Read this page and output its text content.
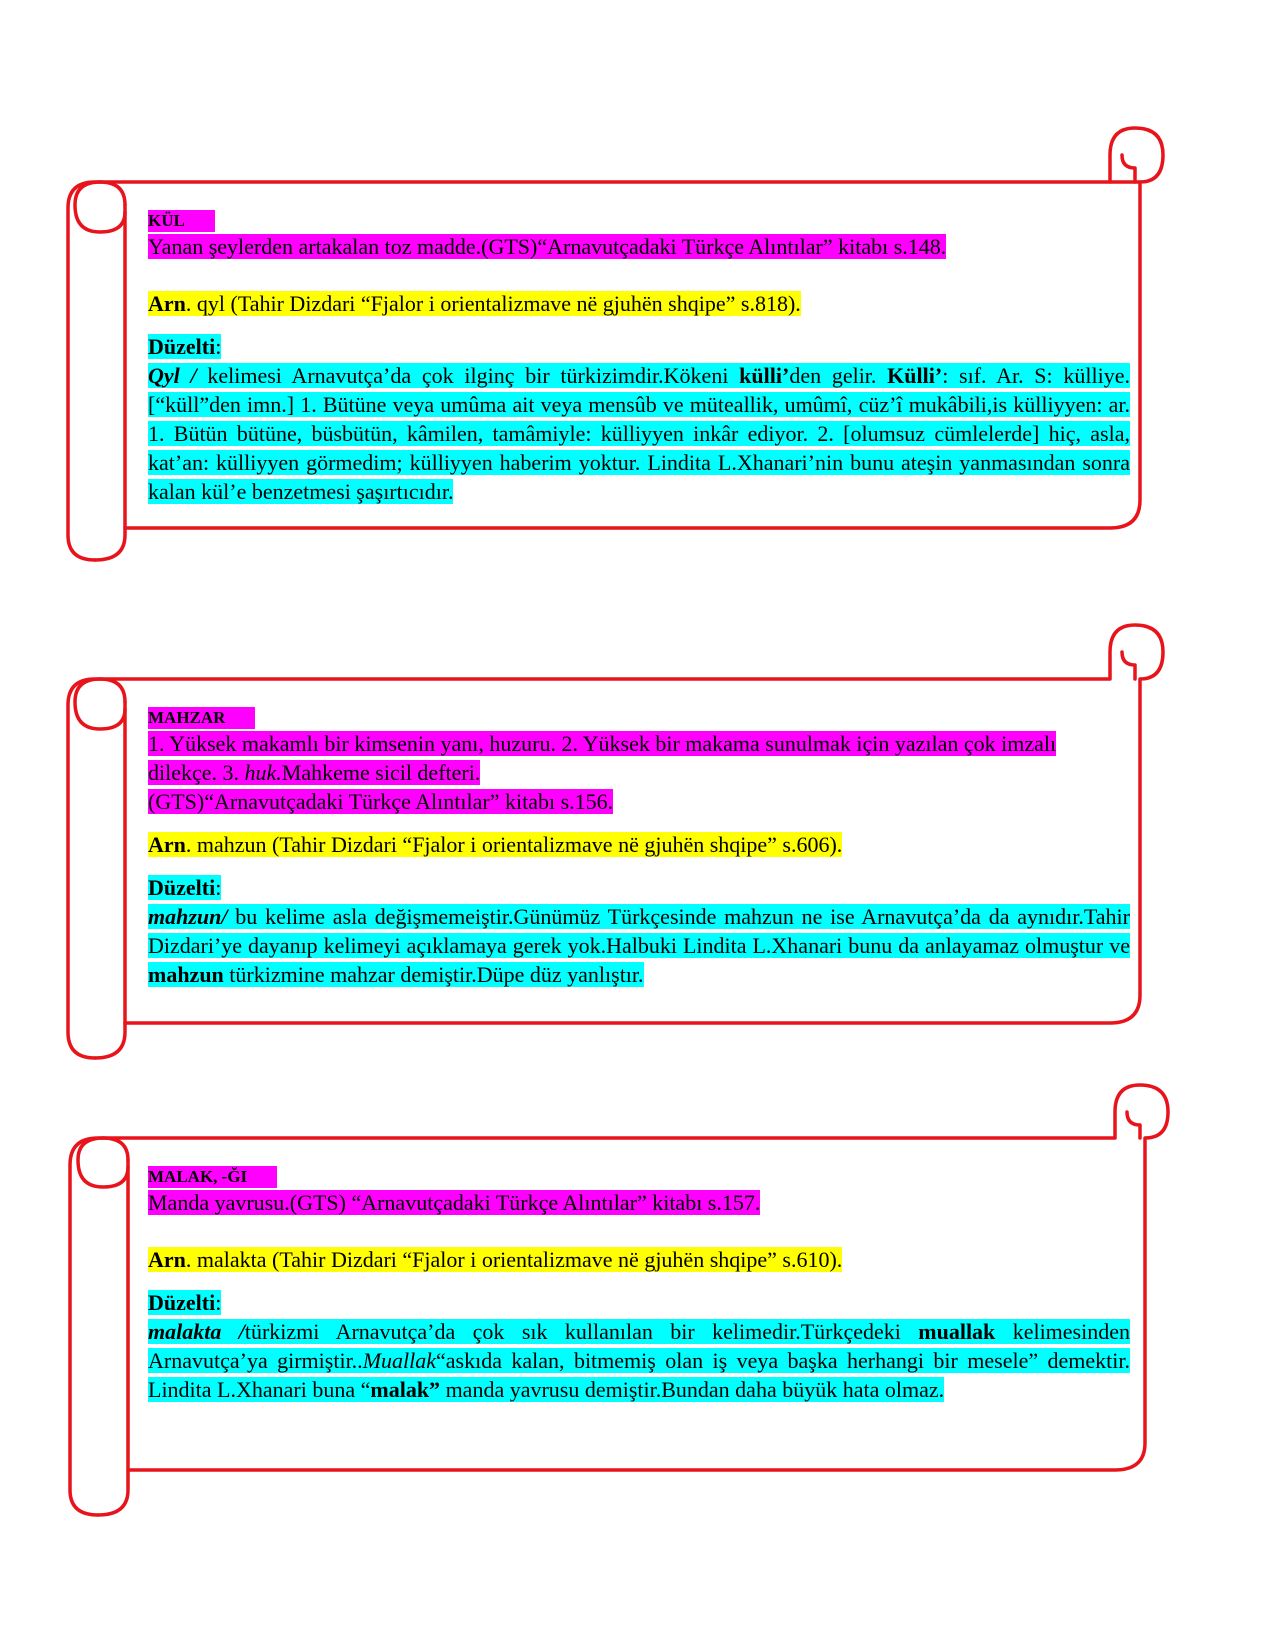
KÜL

Yanan şeylerden artakalan toz madde.(GTS)“Arnavutçadaki Türkçe Alıntılar” kitabı s.148.

Arn. qyl (Tahir Dizdari “Fjalor i orientalizmave në gjuhën shqipe” s.818).

Düzelti:

Qyl / kelimesi Arnavutça’da çok ilginç bir türkizimdir.Kökeni külli’den gelir. Külli’: sıf. Ar. S: külliye. [“küll”den imn.] 1. Bütüne veya umûma ait veya mensûb ve müteallik, umûmî, cüz’î mukâbili,is külliyyen: ar. 1. Bütün bütüne, büsbütün, kâmilen, tamâmiyle: külliyyen inkâr ediyor. 2. [olumsuz cümlelerde] hiç, asla, kat’an: külliyyen görmedim; külliyyen haberim yoktur. Lindita L.Xhanari’nin bunu ateşin yanmasından sonra kalan kül’e benzetmesi şaşırtıcıdır.

MAHZAR

1. Yüksek makamlı bir kimsenin yanı, huzuru. 2. Yüksek bir makama sunulmak için yazılan çok imzalı dilekçe. 3. huk.Mahkeme sicil defteri.
(GTS)“Arnavutçadaki Türkçe Alıntılar” kitabı s.156.

Arn. mahzun (Tahir Dizdari “Fjalor i orientalizmave në gjuhën shqipe” s.606).

Düzelti:

mahzun/ bu kelime asla değişmemeiştir.Günümüz Türkçesinde mahzun ne ise Arnavutça’da da aynıdır.Tahir Dizdari’ye dayanıp kelimeyi açıklamaya gerek yok.Halbuki Lindita L.Xhanari bunu da anlayamaz olmuştur ve mahzun türkizmine mahzar demiştir.Düpe düz yanlıştır.

MALAK, -ĞI

Manda yavrusu.(GTS) “Arnavutçadaki Türkçe Alıntılar” kitabı s.157.

Arn. malakta (Tahir Dizdari “Fjalor i orientalizmave në gjuhën shqipe” s.610).

Düzelti:

malakta /türkizmi Arnavutça’da çok sık kullanılan bir kelimedir.Türkçedeki muallak kelimesinden Arnavutça’ya girmiştir..Muallak“askıda kalan, bitmemiş olan iş veya başka herhangi bir mesele” demektir. Lindita L.Xhanari buna “malak” manda yavrusu demiştir.Bundan daha büyük hata olmaz.
